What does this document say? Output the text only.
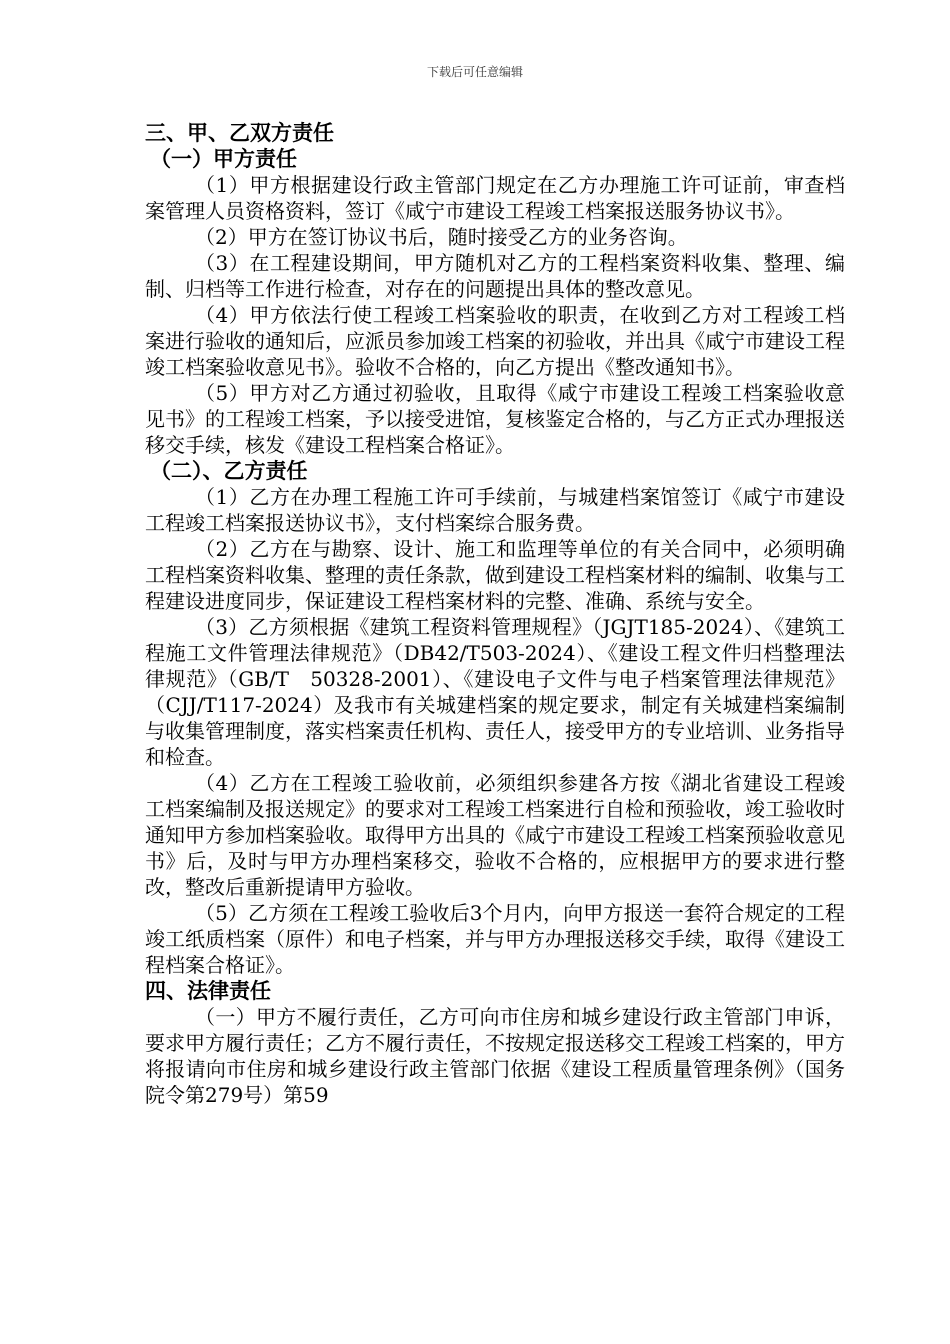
下载后可任意编辑
三、甲、乙双方责任
（一）甲方责任

（1）甲方根据建设行政主管部门规定在乙方办理施工许可证前，审查档案管理人员资格资料，签订《咸宁市建设工程竣工档案报送服务协议书》。

（2）甲方在签订协议书后，随时接受乙方的业务咨询。

（3）在工程建设期间，甲方随机对乙方的工程档案资料收集、整理、编制、归档等工作进行检查，对存在的问题提出具体的整改意见。

（4）甲方依法行使工程竣工档案验收的职责，在收到乙方对工程竣工档案进行验收的通知后，应派员参加竣工档案的初验收，并出具《咸宁市建设工程竣工档案验收意见书》。验收不合格的，向乙方提出《整改通知书》。

（5）甲方对乙方通过初验收，且取得《咸宁市建设工程竣工档案验收意见书》的工程竣工档案，予以接受进馆，复核鉴定合格的，与乙方正式办理报送移交手续，核发《建设工程档案合格证》。

（二）、乙方责任

（1）乙方在办理工程施工许可手续前，与城建档案馆签订《咸宁市建设工程竣工档案报送协议书》，支付档案综合服务费。

（2）乙方在与勘察、设计、施工和监理等单位的有关合同中，必须明确工程档案资料收集、整理的责任条款，做到建设工程档案材料的编制、收集与工程建设进度同步，保证建设工程档案材料的完整、准确、系统与安全。

（3）乙方须根据《建筑工程资料管理规程》（JGJT185-2024）、《建筑工程施工文件管理法律规范》（DB42/T503-2024）、《建设工程文件归档整理法律规范》（GB/T　50328-2001）、《建设电子文件与电子档案管理法律规范》（CJJ/T117-2024）及我市有关城建档案的规定要求，制定有关城建档案编制与收集管理制度，落实档案责任机构、责任人，接受甲方的专业培训、业务指导和检查。

（4）乙方在工程竣工验收前，必须组织参建各方按《湖北省建设工程竣工档案编制及报送规定》的要求对工程竣工档案进行自检和预验收，竣工验收时通知甲方参加档案验收。取得甲方出具的《咸宁市建设工程竣工档案预验收意见书》后，及时与甲方办理档案移交，验收不合格的，应根据甲方的要求进行整改，整改后重新提请甲方验收。

（5）乙方须在工程竣工验收后3个月内，向甲方报送一套符合规定的工程竣工纸质档案（原件）和电子档案，并与甲方办理报送移交手续，取得《建设工程档案合格证》。

四、法律责任

（一）甲方不履行责任，乙方可向市住房和城乡建设行政主管部门申诉，要求甲方履行责任；乙方不履行责任，不按规定报送移交工程竣工档案的，甲方将报请向市住房和城乡建设行政主管部门依据《建设工程质量管理条例》（国务院令第279号）第59
